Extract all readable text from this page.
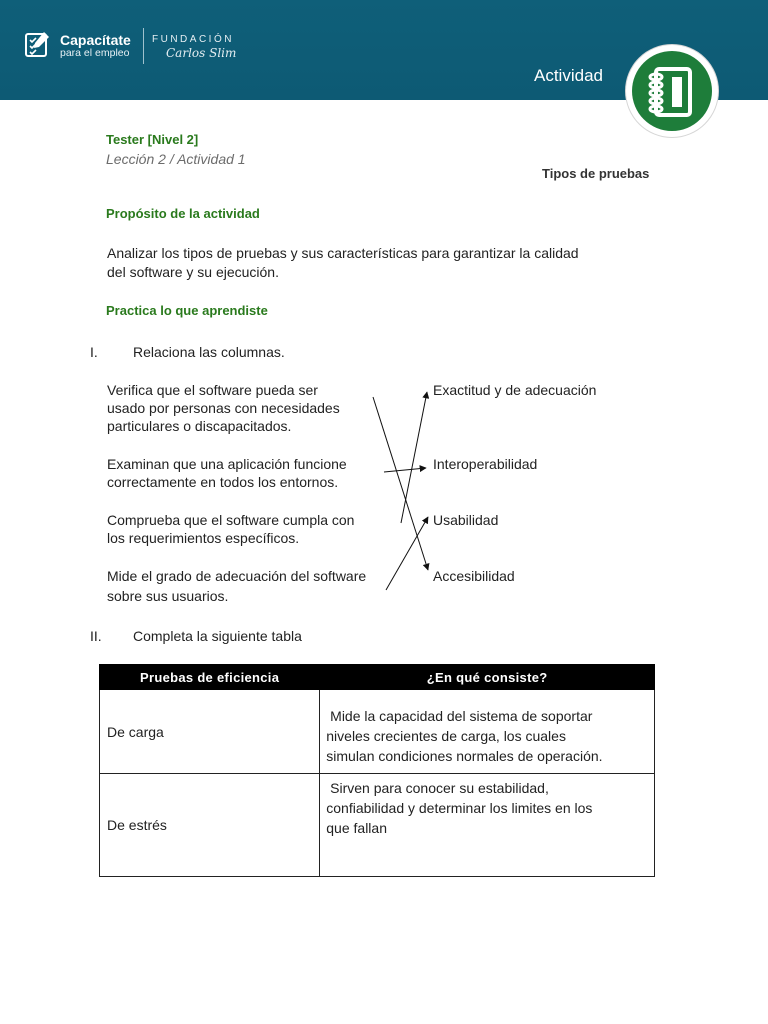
Capacítate
para el empleo
FUNDACIÓN
Carlos Slim
Actividad
Tester [Nivel 2]
Lección 2 / Actividad 1
Tipos de pruebas
Propósito de la actividad
Analizar los tipos de pruebas y sus características para garantizar la calidad
del software y su ejecución.
Practica lo que aprendiste
I.	Relaciona las columnas.
Verifica que el software pueda ser
usado por personas con necesidades
particulares o discapacitados.
Examinan que una aplicación funcione
correctamente en todos los entornos.
Comprueba que el software cumpla con
los requerimientos específicos.
Mide el grado de adecuación del software
sobre sus usuarios.
Exactitud y de adecuación
Interoperabilidad
Usabilidad
Accesibilidad
II. Completa la siguiente tabla
Pruebas de eficiencia	¿En qué consiste?
De carga	Mide la capacidad del sistema de soportar
niveles crecientes de carga, los cuales
simulan condiciones normales de operación.

De estrés	Sirven para conocer su estabilidad,
confiabilidad y determinar los limites en los
que fallan
